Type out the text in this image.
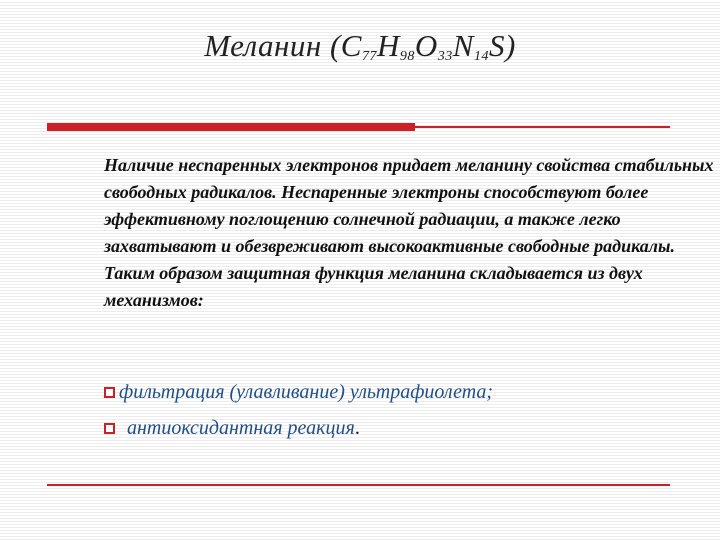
Меланин $(C_{77}H_{98}O_{33}N_{14}S)$

Наличие неспаренных электронов придает меланину свойства стабильных свободных радикалов. Неспаренные электроны способствуют более эффективному поглощению солнечной радиации, а также легко захватывают и обезвреживают высокоактивные свободные радикалы.

Таким образом защитная функция меланина складывается из двух механизмов:

фильтрация (улавливание) ультрафиолета;
антиоксидантная реакция .
